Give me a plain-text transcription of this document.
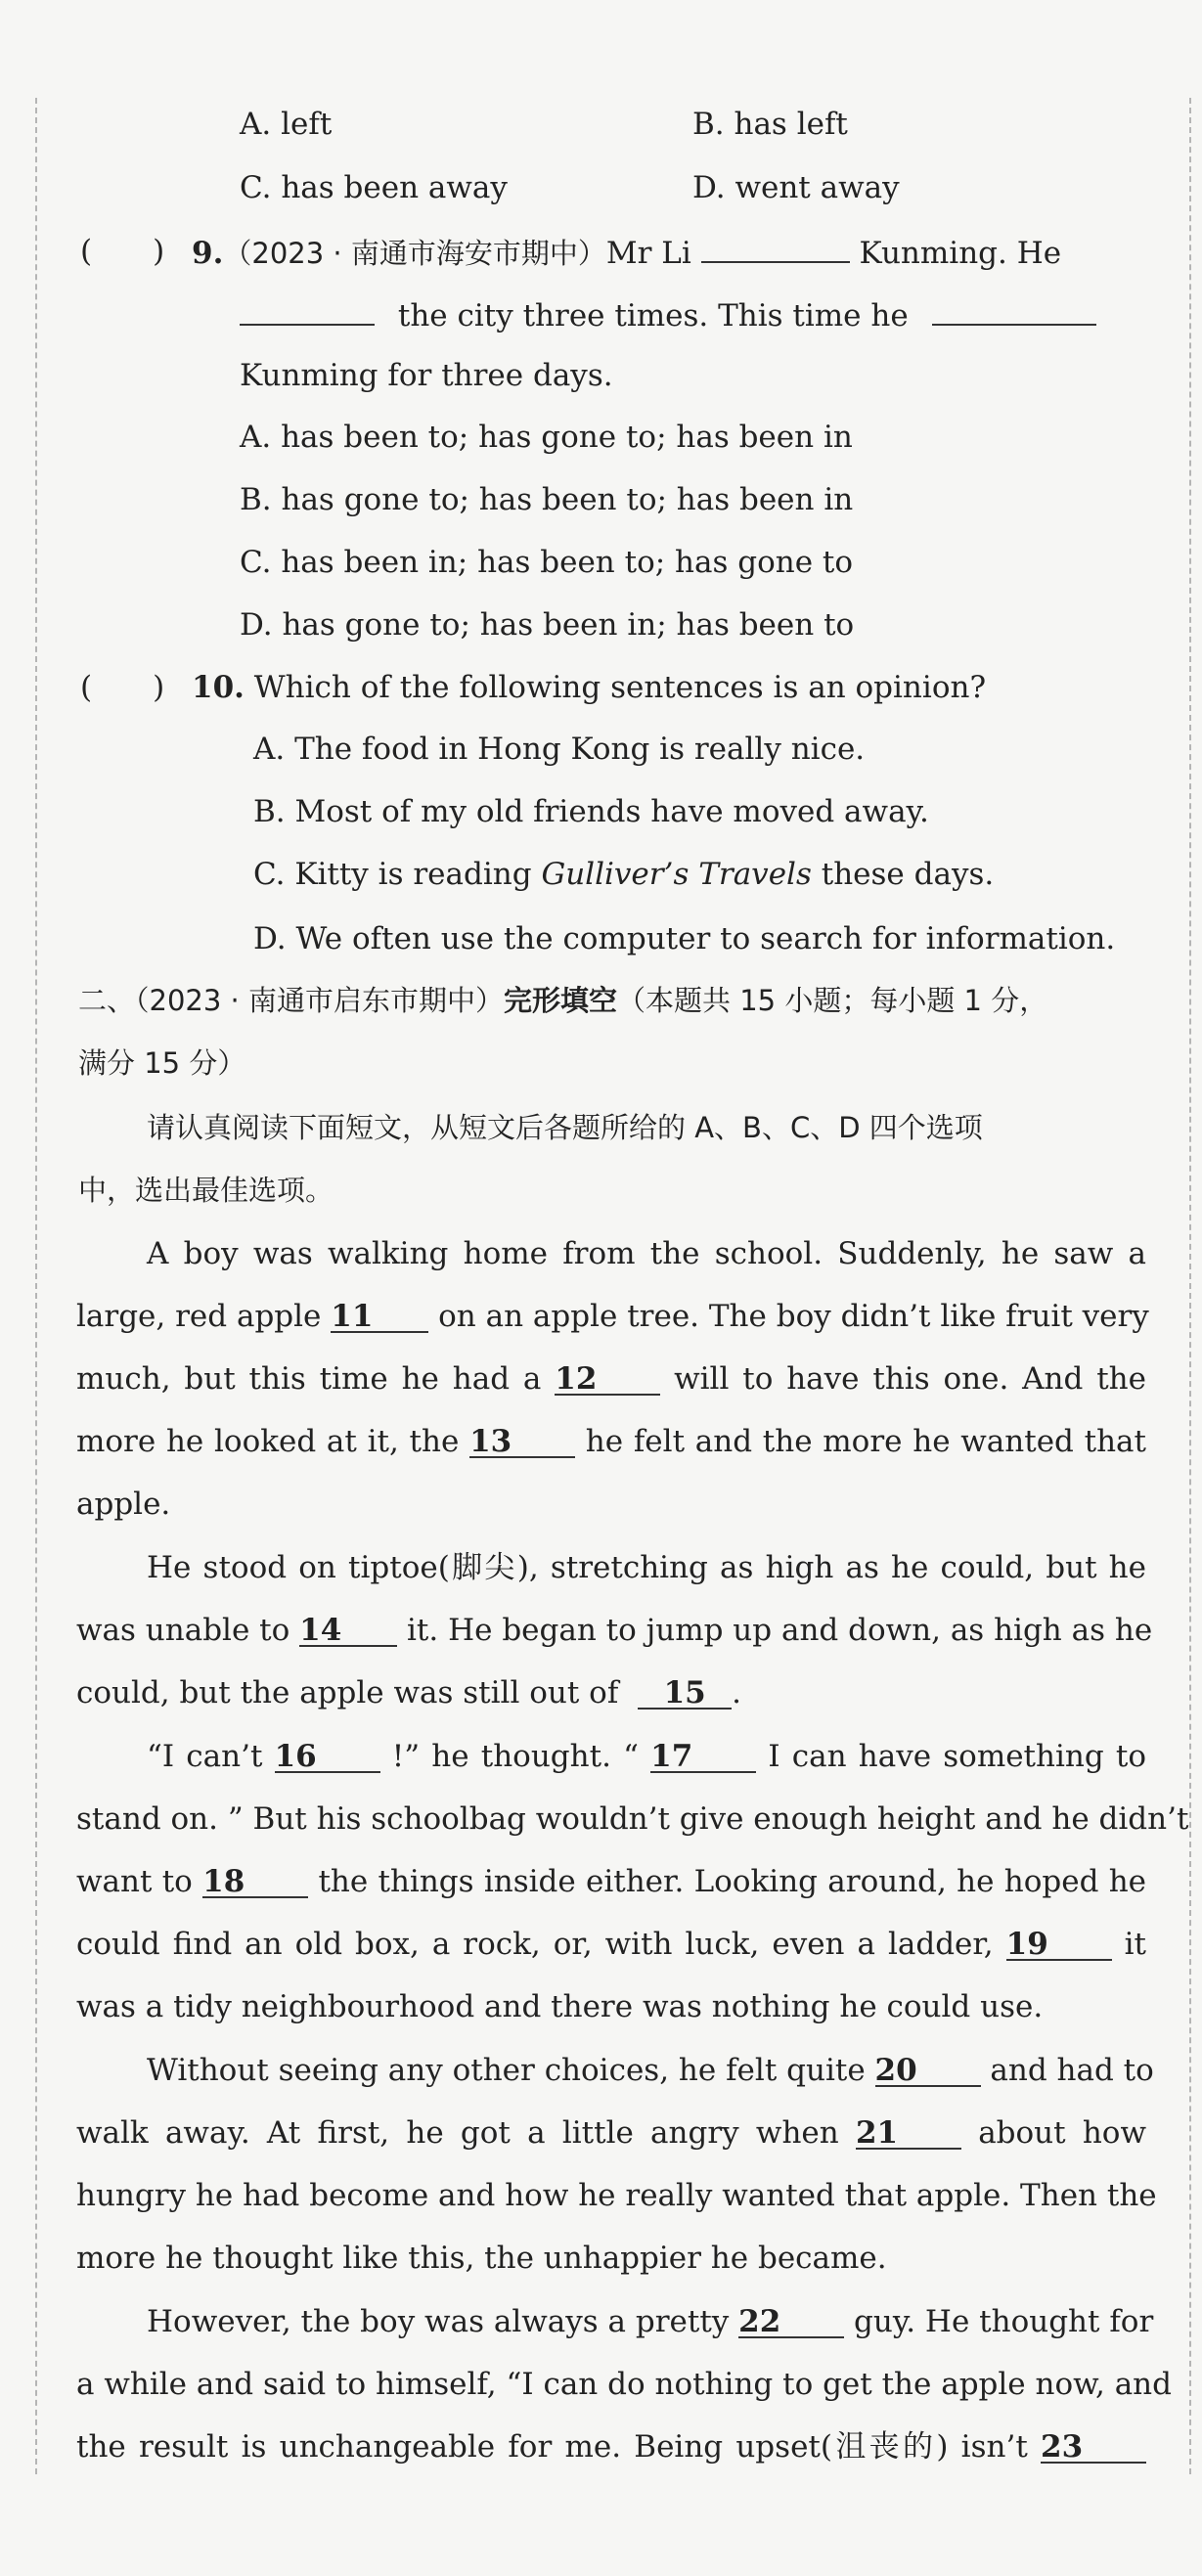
A. left	B. has left
C. has been away	D. went away
(　　) 9.（2023 · 南通市海安市期中）Mr Li	Kunming. He
the city three times. This time he
Kunming for three days.
A. has been to; has gone to; has been in
B. has gone to; has been to; has been in
C. has been in; has been to; has gone to
D. has gone to; has been in; has been to
(　　) 10. Which of the following sentences is an opinion?
A. The food in Hong Kong is really nice.
B. Most of my old friends have moved away.
C. Kitty is reading Gulliver’s Travels these days.
D. We often use the computer to search for information.
二、（2023 · 南通市启东市期中）完形填空（本题共 15 小题；每小题 1 分，
满分 15 分）
请认真阅读下面短文，从短文后各题所给的 A、B、C、D 四个选项
中，选出最佳选项。
A boy was walking home from the school. Suddenly, he saw a
large, red apple 11 on an apple tree. The boy didn’t like fruit very
much, but this time he had a 12	will to have this one. And the
more he looked at it, the 13 he felt and the more he wanted that
apple.
He stood on tiptoe(脚尖), stretching as high as he could, but he
was unable to 14 it. He began to jump up and down, as high as he
could, but the apple was still out of 15 .
“I can’t 16 !” he thought. “ 17 I can have something to
stand on. ” But his schoolbag wouldn’t give enough height and he didn’t
want to 18 the things inside either. Looking around, he hoped he
could find an old box, a rock, or, with luck, even a ladder, 19	it
was a tidy neighbourhood and there was nothing he could use.
Without seeing any other choices, he felt quite 20 and had to
walk away. At first, he got a little angry when 21	about how
hungry he had become and how he really wanted that apple. Then the
more he thought like this, the unhappier he became.
However, the boy was always a pretty 22 guy. He thought for
a while and said to himself, “I can do nothing to get the apple now, and
the result is unchangeable for me. Being upset(沮丧的) isn’t 23
